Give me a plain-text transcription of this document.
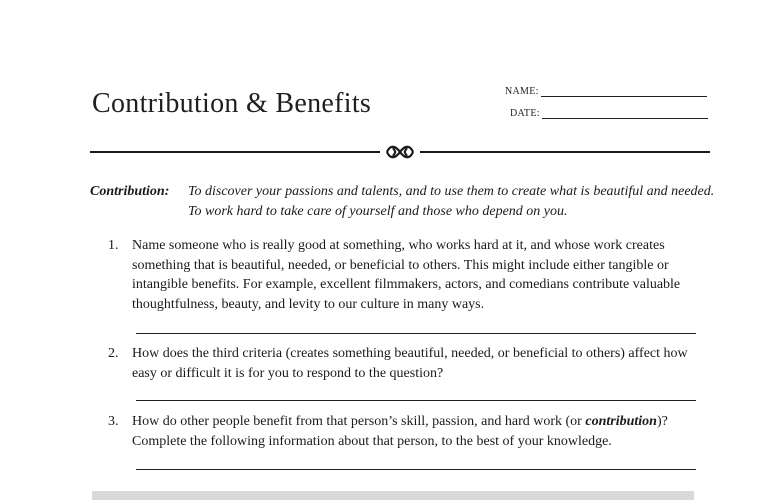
Contribution & Benefits	NAME:
DATE:
Contribution: To discover your passions and talents, and to use them to create what is beautiful and needed.
To work hard to take care of yourself and those who depend on you.
1. Name someone who is really good at something, who works hard at it, and whose work creates something that is beautiful, needed, or beneficial to others. This might include either tangible or intangible benefits. For example, excellent filmmakers, actors, and comedians contribute valuable thoughtfulness, beauty, and levity to our culture in many ways.
2. How does the third criteria (creates something beautiful, needed, or beneficial to others) affect how easy or difficult it is for you to respond to the question?
3. How do other people benefit from that person’s skill, passion, and hard work (or contribution)? Complete the following information about that person, to the best of your knowledge.
